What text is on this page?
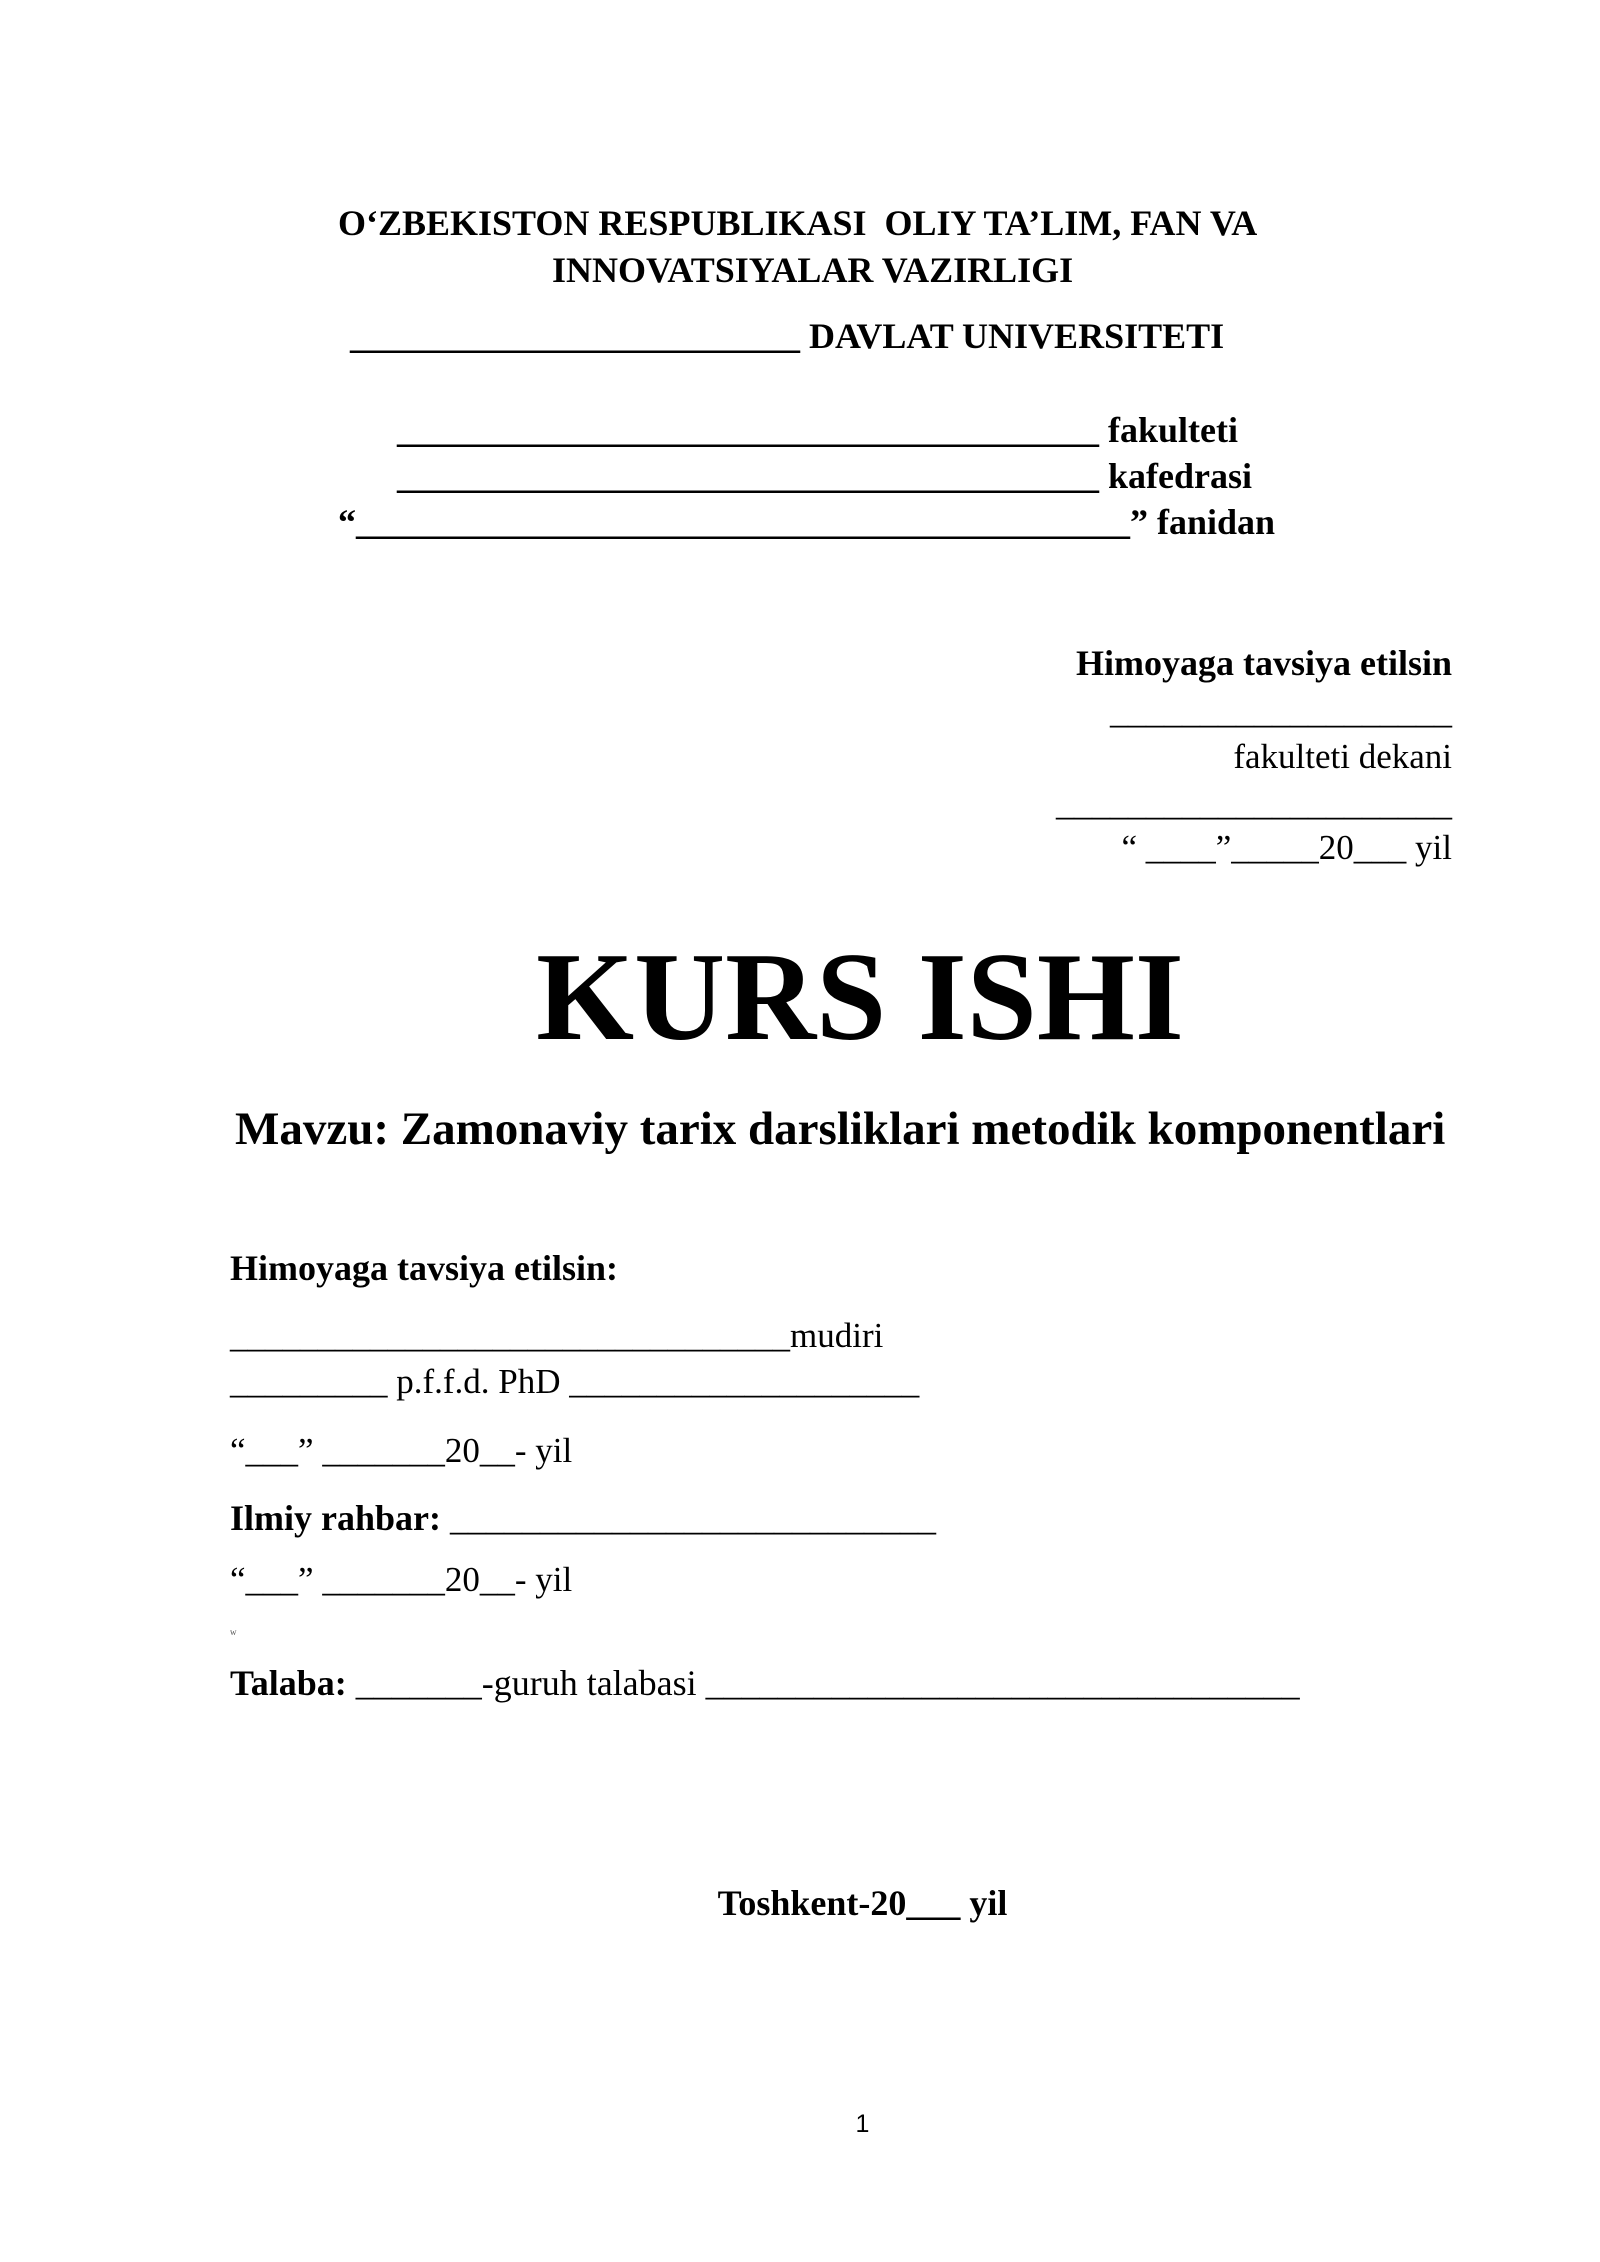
O‘ZBEKISTON RESPUBLIKASI  OLIY TA’LIM, FAN VA
INNOVATSIYALAR VAZIRLIGI
_________________________ DAVLAT UNIVERSITETI
_______________________________________ fakulteti
_______________________________________ kafedrasi
“___________________________________________” fanidan
Himoyaga tavsiya etilsin
___________________
fakulteti dekani
______________________
“ ____”_____20___ yil
KURS ISHI
Mavzu: Zamonaviy tarix darsliklari metodik komponentlari
Himoyaga tavsiya etilsin:
________________________________mudiri
_________ p.f.f.d. PhD ____________________
“___” _______20__- yil
Ilmiy rahbar: ___________________________
“___” _______20__- yil
w
Talaba: _______-guruh talabasi _________________________________
Toshkent-20___ yil
1
